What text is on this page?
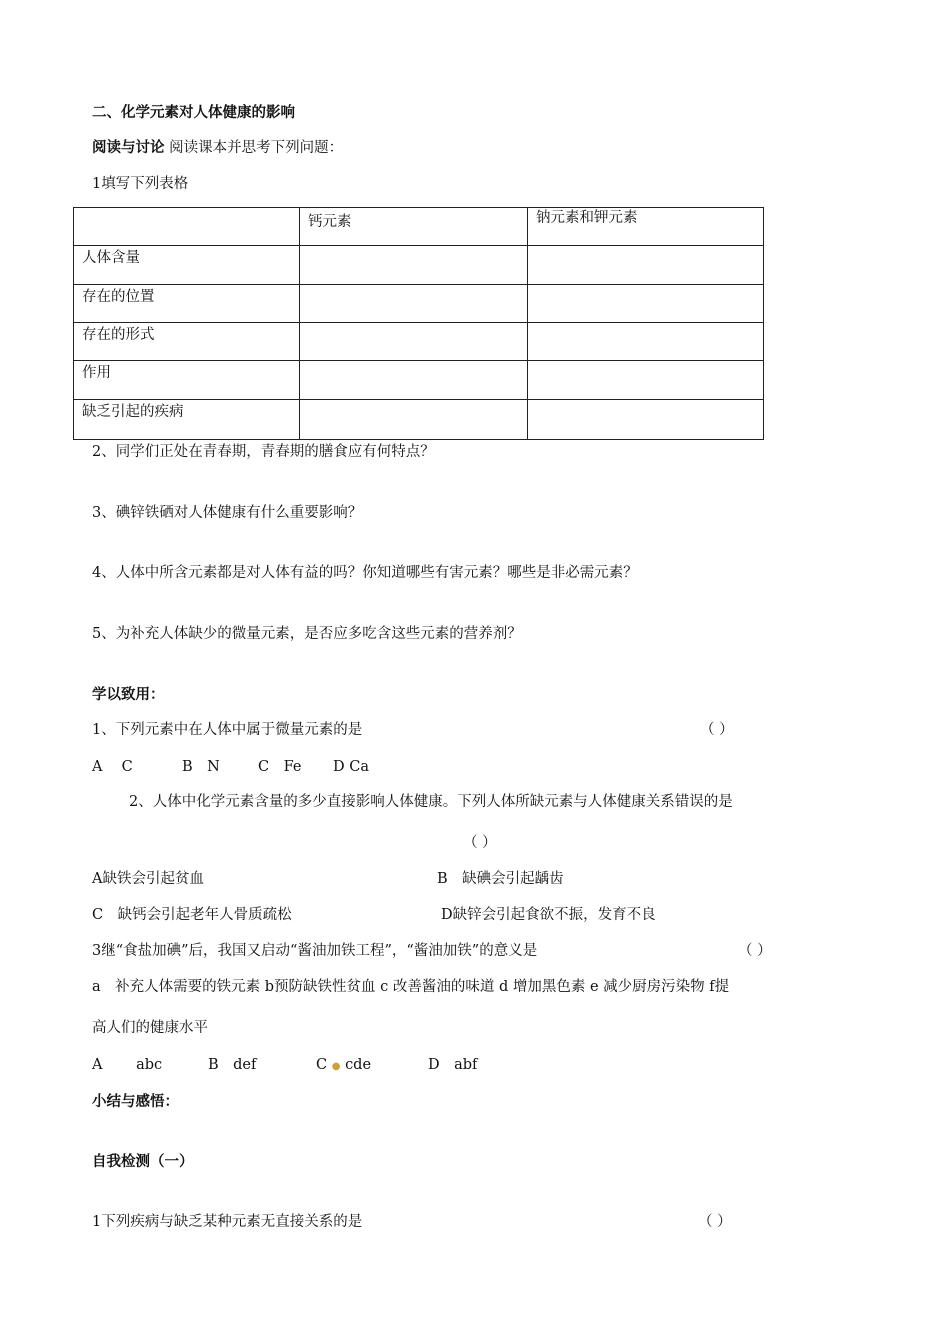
二、化学元素对人体健康的影响
阅读与讨论 阅读课本并思考下列问题：
1填写下列表格
	钙元素	钠元素和钾元素
人体含量		
存在的位置		
存在的形式		
作用		
缺乏引起的疾病		
2、同学们正处在青春期，青春期的膳食应有何特点？
3、碘锌铁硒对人体健康有什么重要影响？
4、人体中所含元素都是对人体有益的吗？你知道哪些有害元素？哪些是非必需元素？
5、为补充人体缺少的微量元素，是否应多吃含这些元素的营养剂？
学以致用：
1、下列元素中在人体中属于微量元素的是	（ ）
A　 C	B　N	C　Fe D Ca
2、人体中化学元素含量的多少直接影响人体健康。下列人体所缺元素与人体健康关系错误的是
（ ）
A缺铁会引起贫血	B　缺碘会引起龋齿
C　缺钙会引起老年人骨质疏松	D缺锌会引起食欲不振，发育不良
3继“食盐加碘”后，我国又启动“酱油加铁工程”，“酱油加铁”的意义是	（ ）
a　补充人体需要的铁元素 b预防缺铁性贫血 c 改善酱油的味道 d 增加黑色素 e 减少厨房污染物 f提
高人们的健康水平
A　　 abc	B　def	C ● cde	D　abf
小结与感悟：
自我检测（一）
1下列疾病与缺乏某种元素无直接关系的是	（ ）
